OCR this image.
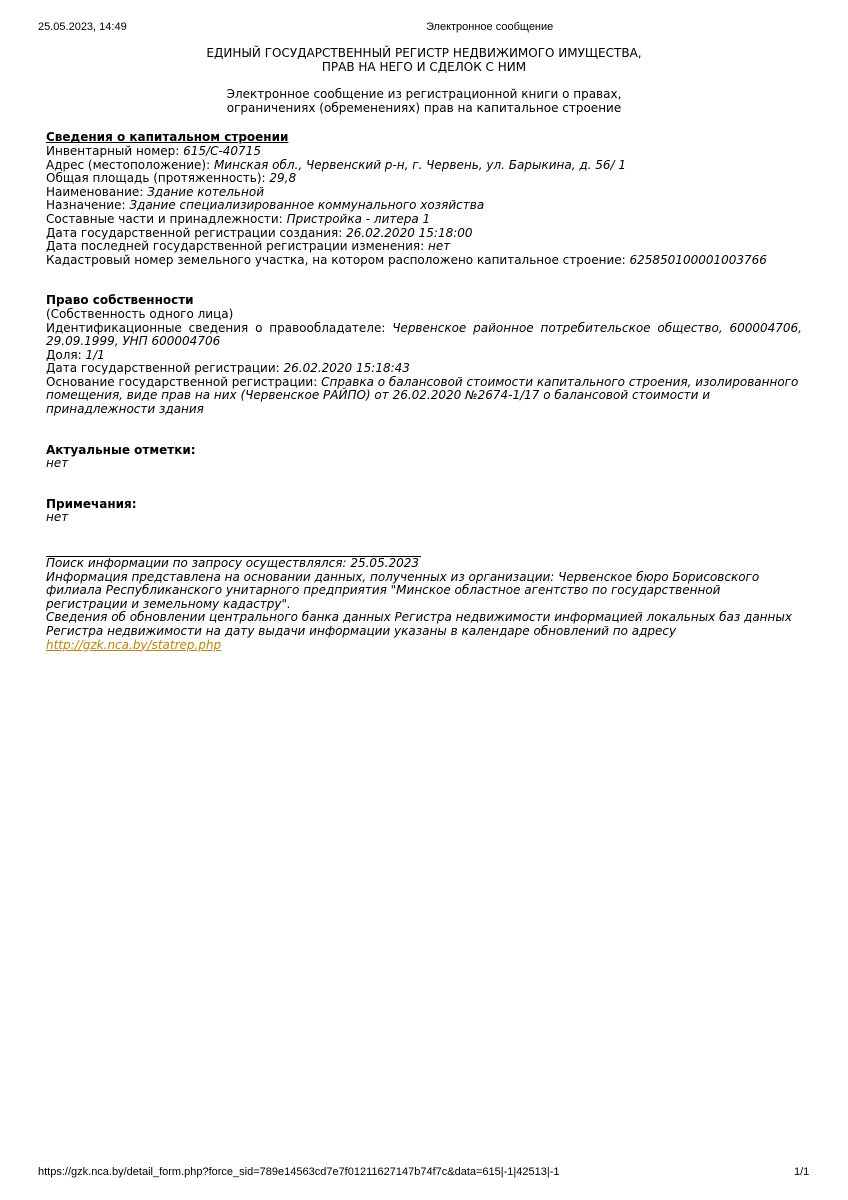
25.05.2023, 14:49	Электронное сообщение
ЕДИНЫЙ ГОСУДАРСТВЕННЫЙ РЕГИСТР НЕДВИЖИМОГО ИМУЩЕСТВА,
ПРАВ НА НЕГО И СДЕЛОК С НИМ
Электронное сообщение из регистрационной книги о правах,
ограничениях (обременениях) прав на капитальное строение
Сведения о капитальном строении
Инвентарный номер: 615/С-40715
Адрес (местоположение): Минская обл., Червенский р-н, г. Червень, ул. Барыкина, д. 56/ 1
Общая площадь (протяженность): 29,8
Наименование: Здание котельной
Назначение: Здание специализированное коммунального хозяйства
Составные части и принадлежности: Пристройка - литера 1
Дата государственной регистрации создания: 26.02.2020 15:18:00
Дата последней государственной регистрации изменения: нет
Кадастровый номер земельного участка, на котором расположено капитальное строение: 625850100001003766
Право собственности
(Собственность одного лица)
Идентификационные сведения о правообладателе: Червенское районное потребительское общество, 600004706, 29.09.1999, УНП 600004706
Доля: 1/1
Дата государственной регистрации: 26.02.2020 15:18:43
Основание государственной регистрации: Справка о балансовой стоимости капитального строения, изолированного помещения, виде прав на них (Червенское РАЙПО) от 26.02.2020 №2674-1/17 о балансовой стоимости и принадлежности здания
Актуальные отметки:
нет
Примечания:
нет
Поиск информации по запросу осуществлялся: 25.05.2023
Информация представлена на основании данных, полученных из организации: Червенское бюро Борисовского филиала Республиканского унитарного предприятия "Минское областное агентство по государственной регистрации и земельному кадастру".
Сведения об обновлении центрального банка данных Регистра недвижимости информацией локальных баз данных Регистра недвижимости на дату выдачи информации указаны в календаре обновлений по адресу
http://gzk.nca.by/statrep.php
https://gzk.nca.by/detail_form.php?force_sid=789e14563cd7e7f01211627147b74f7c&data=615|-1|42513|-1	1/1
